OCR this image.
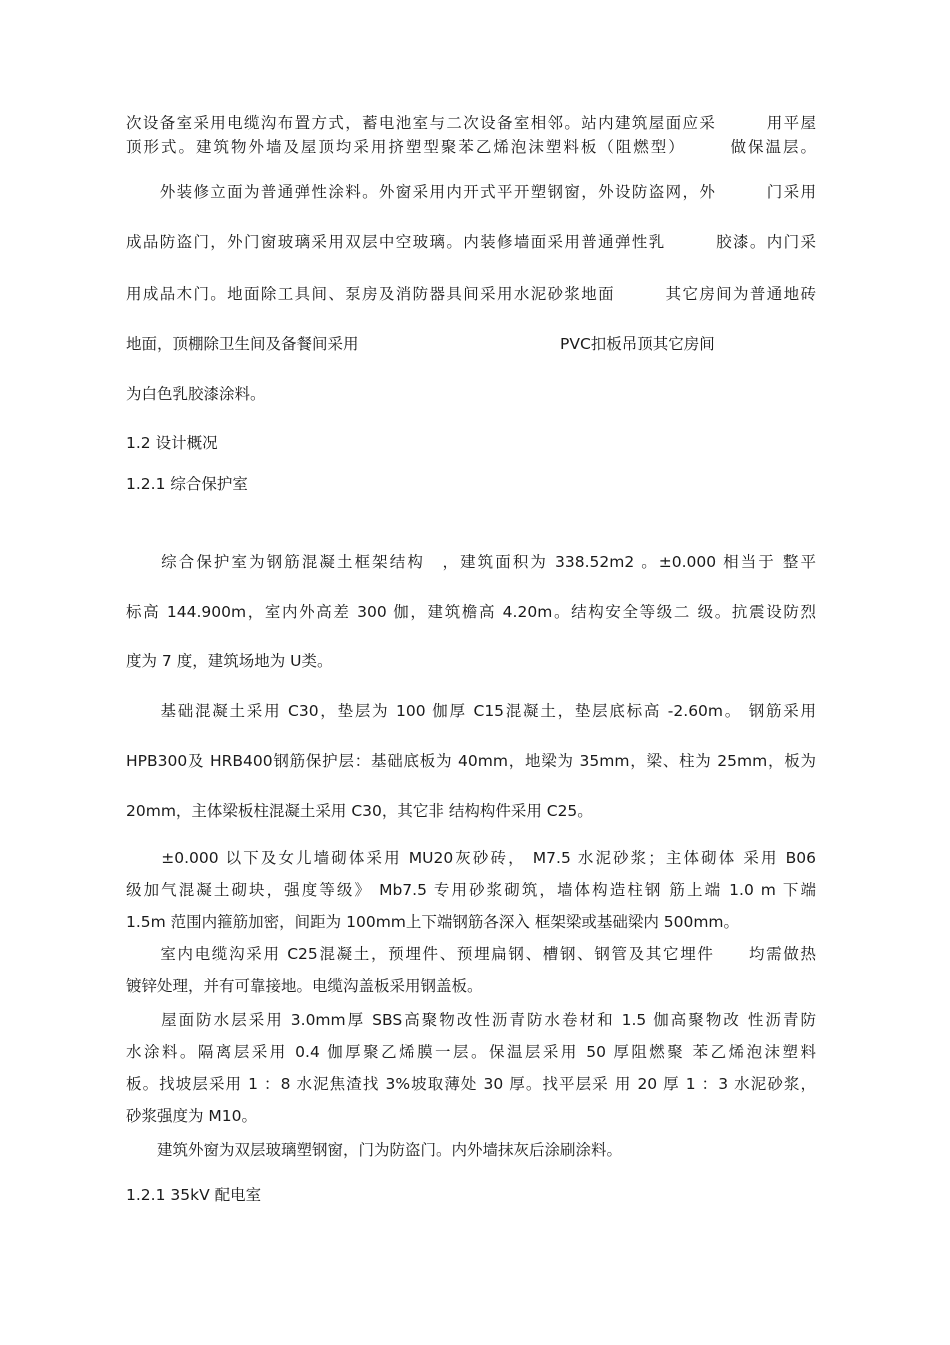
次设备室采用电缆沟布置方式，蓄电池室与二次设备室相邻。站内建筑屋面应采　　　用平屋
顶形式。建筑物外墙及屋顶均采用挤塑型聚苯乙烯泡沫塑料板（阻燃型）　　　做保温层。
　　外装修立面为普通弹性涂料。外窗采用内开式平开塑钢窗，外设防盗网，外　　　门采用
成品防盗门，外门窗玻璃采用双层中空玻璃。内装修墙面采用普通弹性乳　　　胶漆。内门采
用成品木门。地面除工具间、泵房及消防器具间采用水泥砂浆地面　　　其它房间为普通地砖
地面，顶棚除卫生间及备餐间采用　　　　　　　　　　　　　PVC扣板吊顶其它房间
为白色乳胶漆涂料。
1.2 设计概况
1.2.1 综合保护室
　　综合保护室为钢筋混凝土框架结构　，建筑面积为 338.52m2 。±0.000 相当于 整平
标高 144.900m，室内外高差 300 伽，建筑檐高 4.20m。结构安全等级二 级。抗震设防烈
度为 7 度，建筑场地为 U类。
　　基础混凝土采用 C30，垫层为 100 伽厚 C15混凝土，垫层底标高 -2.60m。 钢筋采用
HPB300及 HRB400钢筋保护层：基础底板为 40mm，地梁为 35mm，梁、柱为 25mm，板为
20mm，主体梁板柱混凝土采用 C30，其它非 结构构件采用 C25。
　　±0.000 以下及女儿墙砌体采用 MU20灰砂砖， M7.5 水泥砂浆；主体砌体 采用 B06
级加气混凝土砌块，强度等级》 Mb7.5 专用砂浆砌筑，墙体构造柱钢 筋上端 1.0 m 下端
1.5m 范围内箍筋加密，间距为 100mm上下端钢筋各深入 框架梁或基础梁内 500mm。
　　室内电缆沟采用 C25混凝土，预埋件、预埋扁钢、槽钢、钢管及其它埋件　　均需做热
镀锌处理，并有可靠接地。电缆沟盖板采用钢盖板。
　　屋面防水层采用 3.0mm厚 SBS高聚物改性沥青防水卷材和 1.5 伽高聚物改 性沥青防
水涂料。隔离层采用 0.4 伽厚聚乙烯膜一层。保温层采用 50 厚阻燃聚 苯乙烯泡沫塑料
板。找坡层采用 1 ：8 水泥焦渣找 3%坡取薄处 30 厚。找平层采 用 20 厚 1 ：3 水泥砂浆，
砂浆强度为 M10。
　　建筑外窗为双层玻璃塑钢窗，门为防盗门。内外墙抹灰后涂刷涂料。
1.2.1 35kV 配电室
